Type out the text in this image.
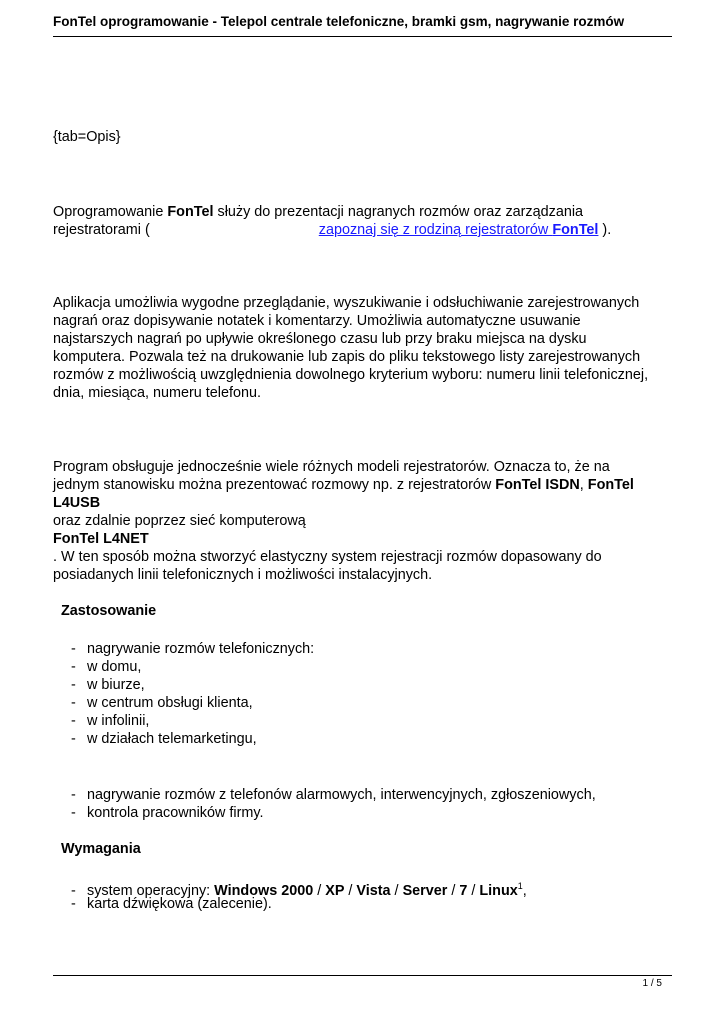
FonTel oprogramowanie - Telepol centrale telefoniczne, bramki gsm, nagrywanie rozmów
{tab=Opis}
Oprogramowanie FonTel służy do prezentacji nagranych rozmów oraz zarządzania
rejestratorami (	zapoznaj się z rodziną rejestratorów FonTel ).
Aplikacja umożliwia wygodne przeglądanie, wyszukiwanie i odsłuchiwanie zarejestrowanych
nagrań oraz dopisywanie notatek i komentarzy. Umożliwia automatyczne usuwanie
najstarszych nagrań po upływie określonego czasu lub przy braku miejsca na dysku
komputera. Pozwala też na drukowanie lub zapis do pliku tekstowego listy zarejestrowanych
rozmów z możliwością uwzględnienia dowolnego kryterium wyboru: numeru linii telefonicznej,
dnia, miesiąca, numeru telefonu.
Program obsługuje jednocześnie wiele różnych modeli rejestratorów. Oznacza to, że na
jednym stanowisku można prezentować rozmowy np. z rejestratorów FonTel ISDN, FonTel
L4USB
oraz zdalnie poprzez sieć komputerową
FonTel L4NET
. W ten sposób można stworzyć elastyczny system rejestracji rozmów dopasowany do
posiadanych linii telefonicznych i możliwości instalacyjnych.
Zastosowanie
- nagrywanie rozmów telefonicznych:
- w domu,
- w biurze,
- w centrum obsługi klienta,
- w infolinii,
- w działach telemarketingu,
- nagrywanie rozmów z telefonów alarmowych, interwencyjnych, zgłoszeniowych,
- kontrola pracowników firmy.
Wymagania
- system operacyjny: Windows 2000 / XP / Vista / Server / 7 / Linux$^1$,
- karta dźwiękowa (zalecenie).
1 / 5
